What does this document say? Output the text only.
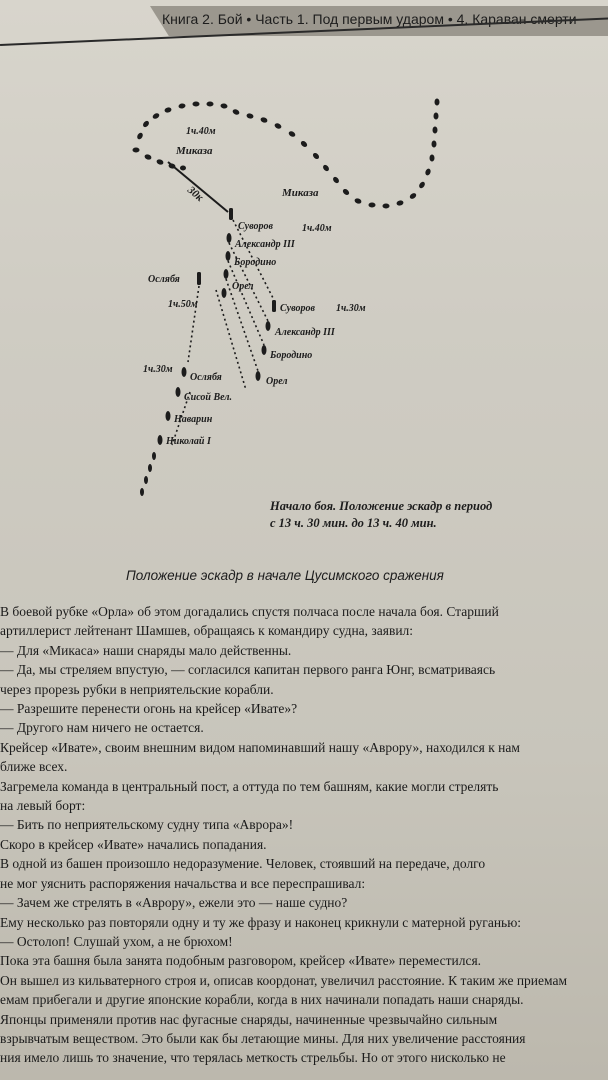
Книга 2. Бой • Часть 1. Под первым ударом • 4. Караван смерти
1ч.40м
Миказа
30к	Миказа
Суворов	1ч.40м
Александр III
Бородино
Орел
Ослябя
1ч.50м	Суворов 1ч.30м
Александр III
Бородино
Орел
1ч.30м
Ослябя
Сисой Вел.
Наварин
Николай I
Начало боя. Положение эскадр в период с 13 ч. 30 мин. до 13 ч. 40 мин.
Положение эскадр в начале Цусимского сражения

В боевой рубке «Орла» об этом догадались спустя полчаса после начала боя. Старший

артиллерист лейтенант Шамшев, обращаясь к командиру судна, заявил:

— Для «Микаса» наши снаряды мало действенны.

— Да, мы стреляем впустую, — согласился капитан первого ранга Юнг, всматриваясь

через прорезь рубки в неприятельские корабли.

— Разрешите перенести огонь на крейсер «Ивате»?

— Другого нам ничего не остается.

Крейсер «Ивате», своим внешним видом напоминавший нашу «Аврору», находился к нам

ближе всех.

Загремела команда в центральный пост, а оттуда по тем башням, какие могли стрелять

на левый борт:

— Бить по неприятельскому судну типа «Аврора»!

Скоро в крейсер «Ивате» начались попадания.

В одной из башен произошло недоразумение. Человек, стоявший на передаче, долго

не мог уяснить распоряжения начальства и все переспрашивал:

— Зачем же стрелять в «Аврору», ежели это — наше судно?

Ему несколько раз повторяли одну и ту же фразу и наконец крикнули с матерной руганью:

— Остолоп! Слушай ухом, а не брюхом!

Пока эта башня была занята подобным разговором, крейсер «Ивате» переместился.

Он вышел из кильватерного строя и, описав коордонат, увеличил расстояние. К таким же приемам

емам прибегали и другие японские корабли, когда в них начинали попадать наши снаряды.

Японцы применяли против нас фугасные снаряды, начиненные чрезвычайно сильным

взрывчатым веществом. Это были как бы летающие мины. Для них увеличение расстояния

ния имело лишь то значение, что терялась меткость стрельбы. Но от этого нисколько не
